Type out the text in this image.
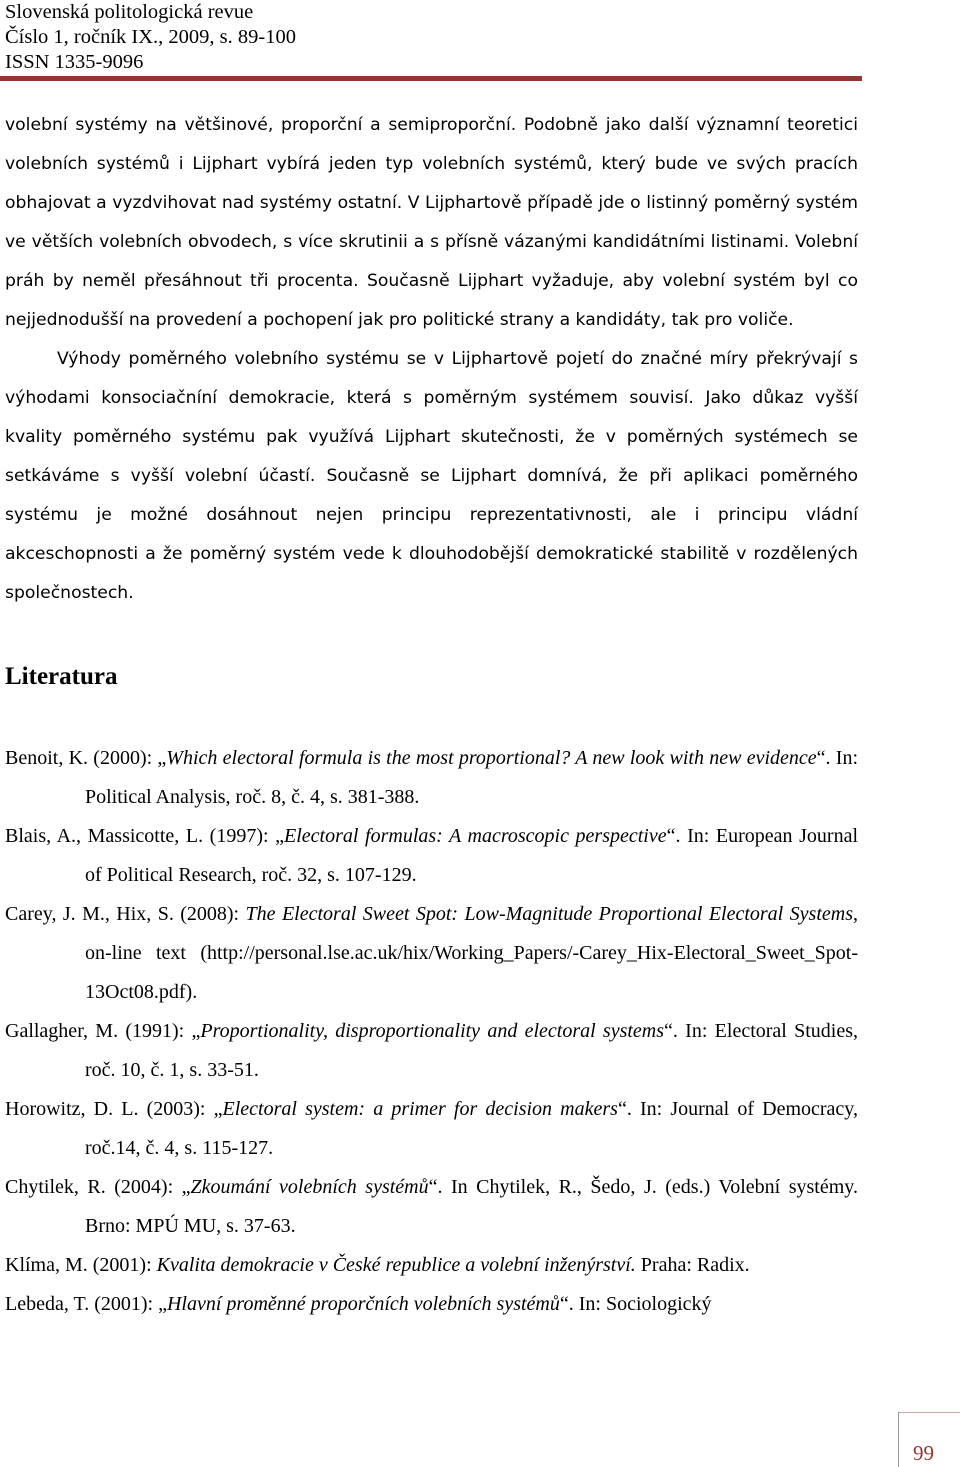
Slovenská politologická revue
Číslo 1, ročník IX., 2009, s. 89-100
ISSN 1335-9096

volební systémy na většinové, proporční a semiproporční. Podobně jako další významní teoretici volebních systémů i Lijphart vybírá jeden typ volebních systémů, který bude ve svých pracích obhajovat a vyzdvihovat nad systémy ostatní. V Lijphartově případě jde o listinný poměrný systém ve větších volebních obvodech, s více skrutinii a s přísně vázanými kandidátními listinami. Volební práh by neměl přesáhnout tři procenta. Současně Lijphart vyžaduje, aby volební systém byl co nejjednodušší na provedení a pochopení jak pro politické strany a kandidáty, tak pro voliče.

Výhody poměrného volebního systému se v Lijphartově pojetí do značné míry překrývají s výhodami konsociačníní demokracie, která s poměrným systémem souvisí. Jako důkaz vyšší kvality poměrného systému pak využívá Lijphart skutečnosti, že v poměrných systémech se setkáváme s vyšší volební účastí. Současně se Lijphart domnívá, že při aplikaci poměrného systému je možné dosáhnout nejen principu reprezentativnosti, ale i principu vládní akceschopnosti a že poměrný systém vede k dlouhodobější demokratické stabilitě v rozdělených společnostech.

Literatura

Benoit, K. (2000): „Which electoral formula is the most proportional? A new look with new evidence“. In: Political Analysis, roč. 8, č. 4, s. 381-388.

Blais, A., Massicotte, L. (1997): „Electoral formulas: A macroscopic perspective“. In: European Journal of Political Research, roč. 32, s. 107-129.

Carey, J. M., Hix, S. (2008): The Electoral Sweet Spot: Low-Magnitude Proportional Electoral Systems, on-line text (http://personal.lse.ac.uk/hix/Working_Papers/-Carey_Hix-Electoral_Sweet_Spot-13Oct08.pdf).

Gallagher, M. (1991): „Proportionality, disproportionality and electoral systems“. In: Electoral Studies, roč. 10, č. 1, s. 33-51.

Horowitz, D. L. (2003): „Electoral system: a primer for decision makers“. In: Journal of Democracy, roč.14, č. 4, s. 115-127.

Chytilek, R. (2004): „Zkoumání volebních systémů“. In Chytilek, R., Šedo, J. (eds.) Volební systémy. Brno: MPÚ MU, s. 37-63.

Klíma, M. (2001): Kvalita demokracie v České republice a volební inženýrství. Praha: Radix.

Lebeda, T. (2001): „Hlavní proměnné proporčních volebních systémů“. In: Sociologický

99
